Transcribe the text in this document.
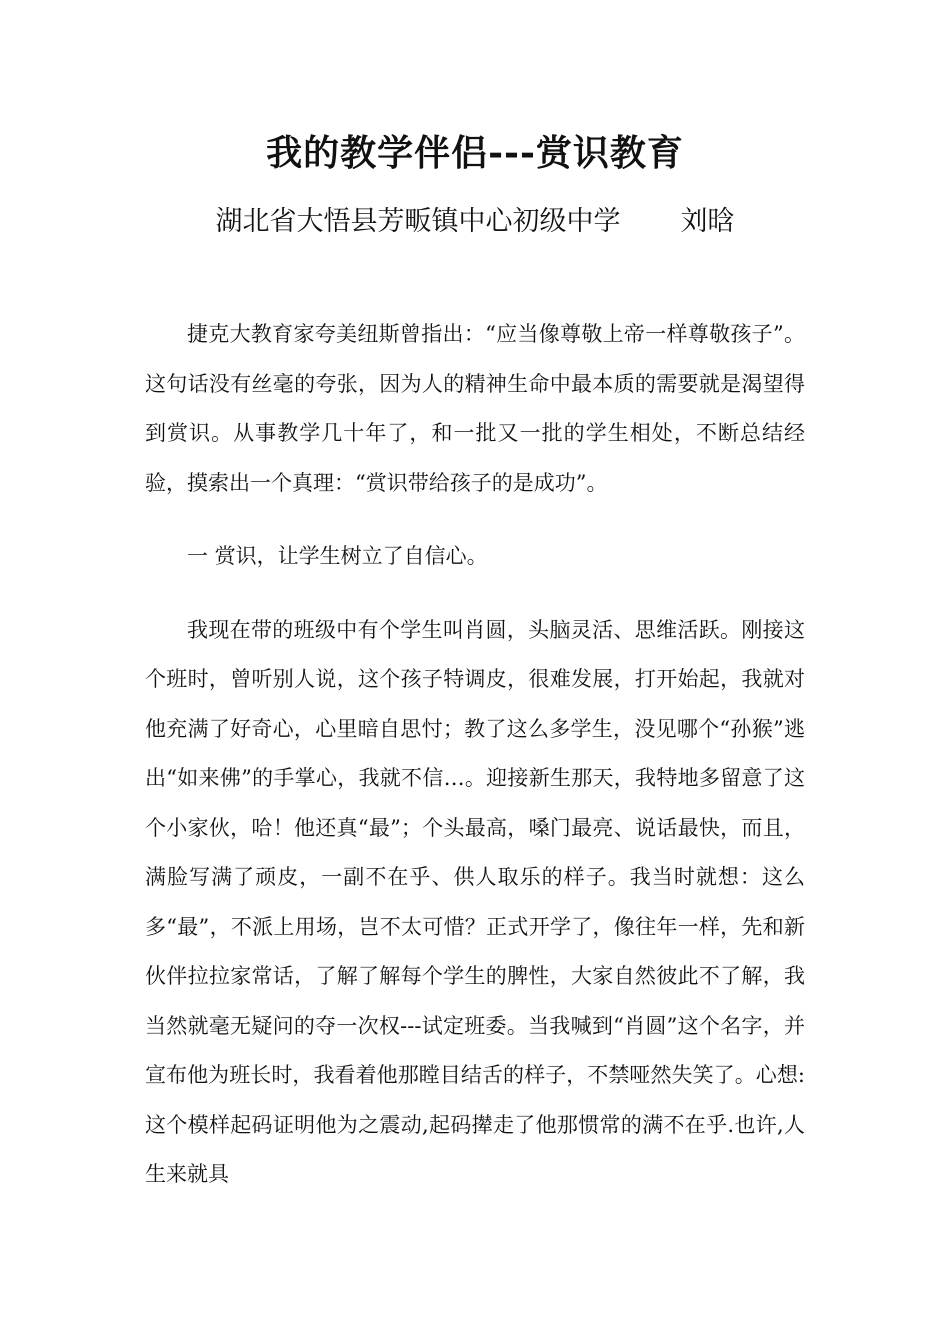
我的教学伴侣---赏识教育
湖北省大悟县芳畈镇中心初级中学 刘晗

捷克大教育家夸美纽斯曾指出：“应当像尊敬上帝一样尊敬孩子”。这句话没有丝毫的夸张，因为人的精神生命中最本质的需要就是渴望得到赏识。从事教学几十年了，和一批又一批的学生相处，不断总结经验，摸索出一个真理：“赏识带给孩子的是成功”。

一 赏识，让学生树立了自信心。

我现在带的班级中有个学生叫肖圆，头脑灵活、思维活跃。刚接这个班时，曾听别人说，这个孩子特调皮，很难发展，打开始起，我就对他充满了好奇心，心里暗自思忖；教了这么多学生，没见哪个“孙猴”逃出“如来佛”的手掌心，我就不信…。迎接新生那天，我特地多留意了这个小家伙，哈！他还真“最”；个头最高，嗓门最亮、说话最快，而且，满脸写满了顽皮，一副不在乎、供人取乐的样子。我当时就想：这么多“最”，不派上用场，岂不太可惜？正式开学了，像往年一样，先和新伙伴拉拉家常话，了解了解每个学生的脾性，大家自然彼此不了解，我当然就毫无疑问的夺一次权---试定班委。当我喊到“肖圆”这个名字，并宣布他为班长时，我看着他那瞠目结舌的样子，不禁哑然失笑了。心想:这个模样起码证明他为之震动,起码撵走了他那惯常的满不在乎.也许,人生来就具
